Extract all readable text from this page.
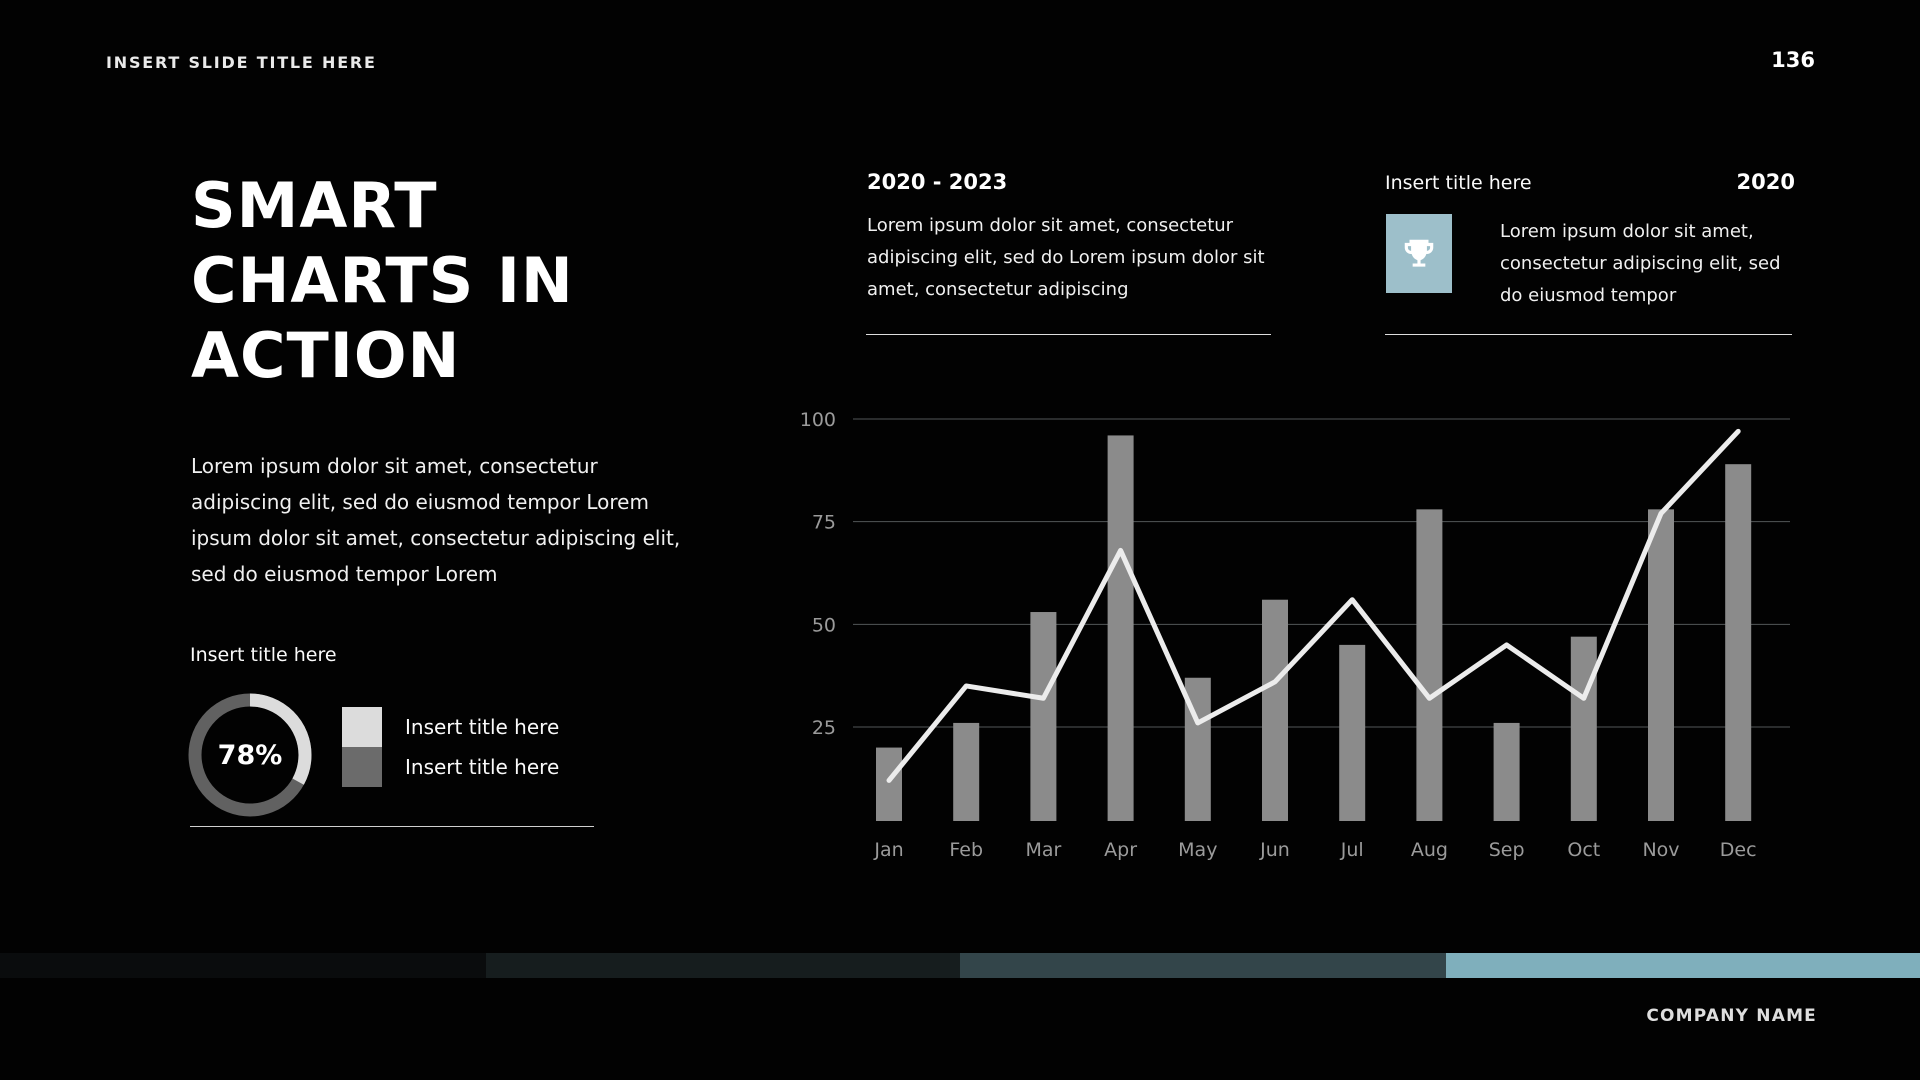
INSERT SLIDE TITLE HERE	136
SMART
CHARTS IN
ACTION

Lorem ipsum dolor sit amet, consectetur adipiscing elit, sed do eiusmod tempor Lorem ipsum dolor sit amet, consectetur adipiscing elit, sed do eiusmod tempor Lorem

Insert title here
78%
Insert title here
Insert title here
2020 - 2023
Lorem ipsum dolor sit amet, consectetur adipiscing elit, sed do Lorem ipsum dolor sit amet, consectetur adipiscing
Insert title here	2020
Lorem ipsum dolor sit amet, consectetur adipiscing elit, sed do eiusmod tempor
25
50
75
100
Jan Feb Mar Apr May Jun	Jul Aug Sep Oct Nov Dec
COMPANY NAME
